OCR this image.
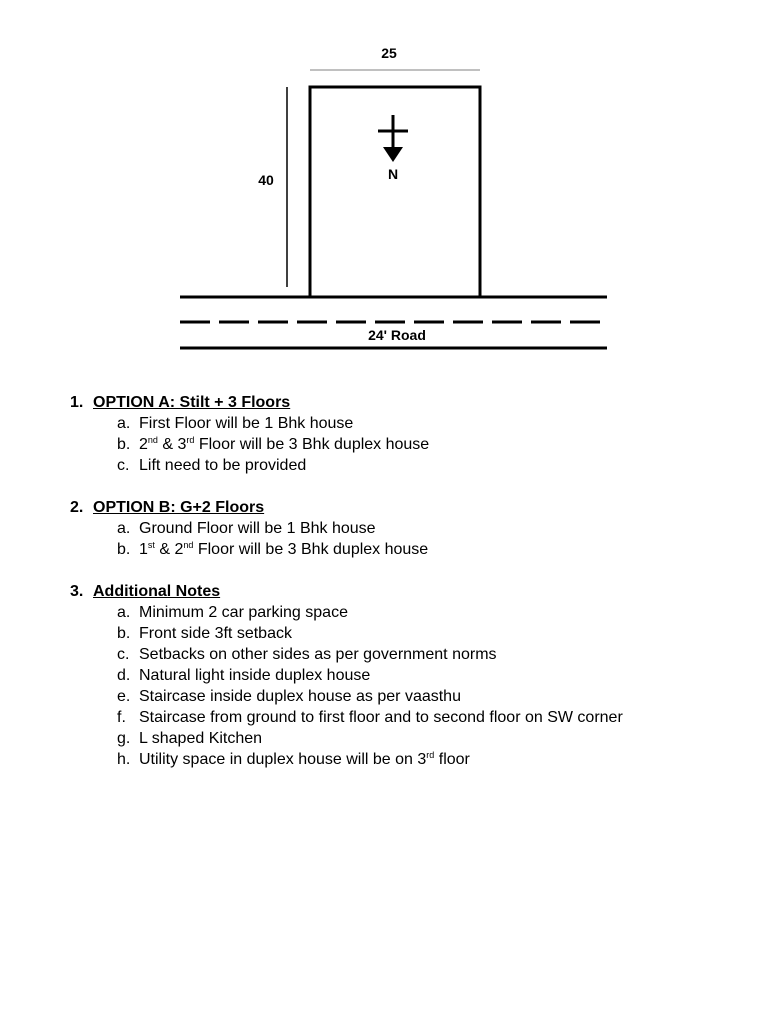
25
40	N
24' Road
1. OPTION A: Stilt + 3 Floors
a. First Floor will be 1 Bhk house
b. 2nd & 3rd Floor will be 3 Bhk duplex house
c. Lift need to be provided
2. OPTION B: G+2 Floors
a. Ground Floor will be 1 Bhk house
b. 1st & 2nd Floor will be 3 Bhk duplex house
3. Additional Notes
a. Minimum 2 car parking space
b. Front side 3ft setback
c. Setbacks on other sides as per government norms
d. Natural light inside duplex house
e. Staircase inside duplex house as per vaasthu
f. Staircase from ground to first floor and to second floor on SW corner
g. L shaped Kitchen
h. Utility space in duplex house will be on 3rd floor
